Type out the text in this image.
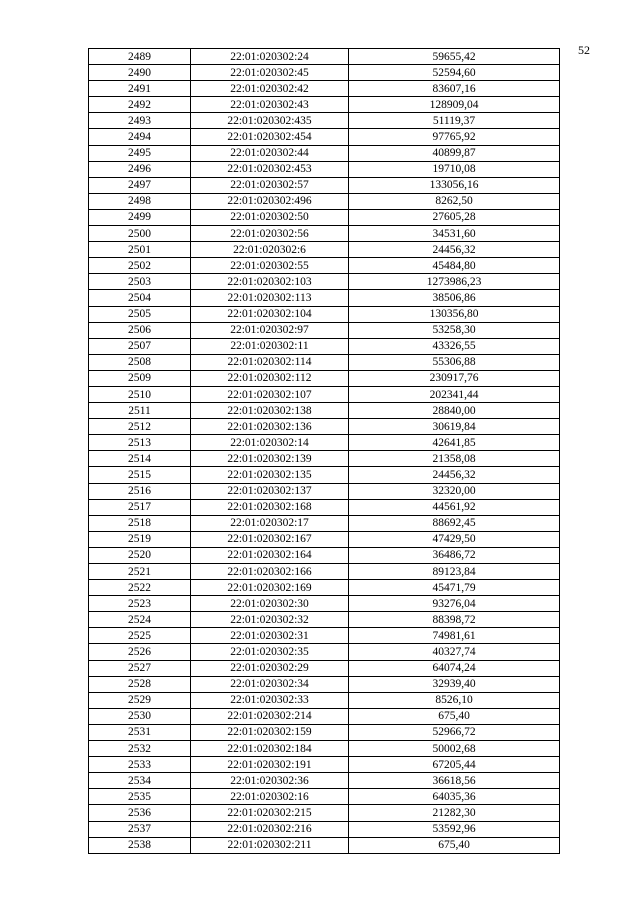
52
2489	22:01:020302:24	59655,42
2490	22:01:020302:45	52594,60
2491	22:01:020302:42	83607,16
2492	22:01:020302:43	128909,04
2493	22:01:020302:435	51119,37
2494	22:01:020302:454	97765,92
2495	22:01:020302:44	40899,87
2496	22:01:020302:453	19710,08
2497	22:01:020302:57	133056,16
2498	22:01:020302:496	8262,50
2499	22:01:020302:50	27605,28
2500	22:01:020302:56	34531,60
2501	22:01:020302:6	24456,32
2502	22:01:020302:55	45484,80
2503	22:01:020302:103	1273986,23
2504	22:01:020302:113	38506,86
2505	22:01:020302:104	130356,80
2506	22:01:020302:97	53258,30
2507	22:01:020302:11	43326,55
2508	22:01:020302:114	55306,88
2509	22:01:020302:112	230917,76
2510	22:01:020302:107	202341,44
2511	22:01:020302:138	28840,00
2512	22:01:020302:136	30619,84
2513	22:01:020302:14	42641,85
2514	22:01:020302:139	21358,08
2515	22:01:020302:135	24456,32
2516	22:01:020302:137	32320,00
2517	22:01:020302:168	44561,92
2518	22:01:020302:17	88692,45
2519	22:01:020302:167	47429,50
2520	22:01:020302:164	36486,72
2521	22:01:020302:166	89123,84
2522	22:01:020302:169	45471,79
2523	22:01:020302:30	93276,04
2524	22:01:020302:32	88398,72
2525	22:01:020302:31	74981,61
2526	22:01:020302:35	40327,74
2527	22:01:020302:29	64074,24
2528	22:01:020302:34	32939,40
2529	22:01:020302:33	8526,10
2530	22:01:020302:214	675,40
2531	22:01:020302:159	52966,72
2532	22:01:020302:184	50002,68
2533	22:01:020302:191	67205,44
2534	22:01:020302:36	36618,56
2535	22:01:020302:16	64035,36
2536	22:01:020302:215	21282,30
2537	22:01:020302:216	53592,96
2538	22:01:020302:211	675,40
